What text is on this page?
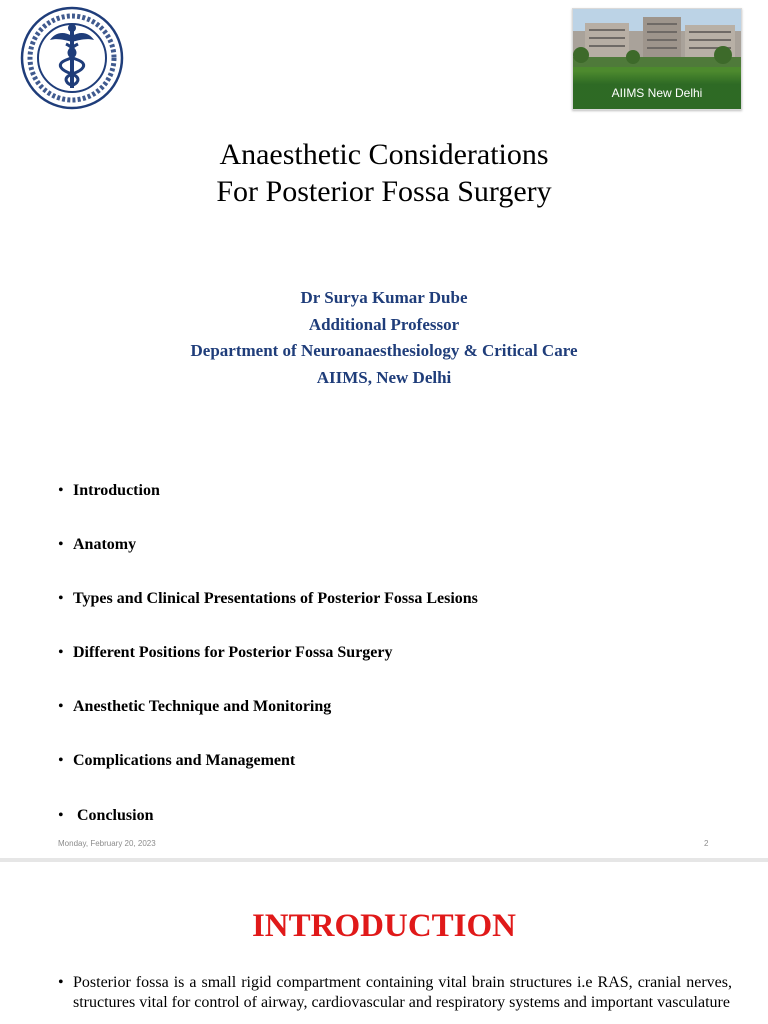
AIIMS New Delhi
Anaesthetic Considerations
For Posterior Fossa Surgery
Dr Surya Kumar Dube
Additional Professor
Department of Neuroanaesthesiology & Critical Care
AIIMS, New Delhi
• Introduction
• Anatomy
• Types and Clinical Presentations of Posterior Fossa Lesions
• Different Positions for Posterior Fossa Surgery
• Anesthetic Technique and Monitoring
• Complications and Management
• Conclusion
Monday, February 20, 2023	2
INTRODUCTION
• Posterior fossa is a small rigid compartment containing vital brain structures i.e RAS, cranial nerves, structures vital for control of airway, cardiovascular and respiratory systems and important vasculature
